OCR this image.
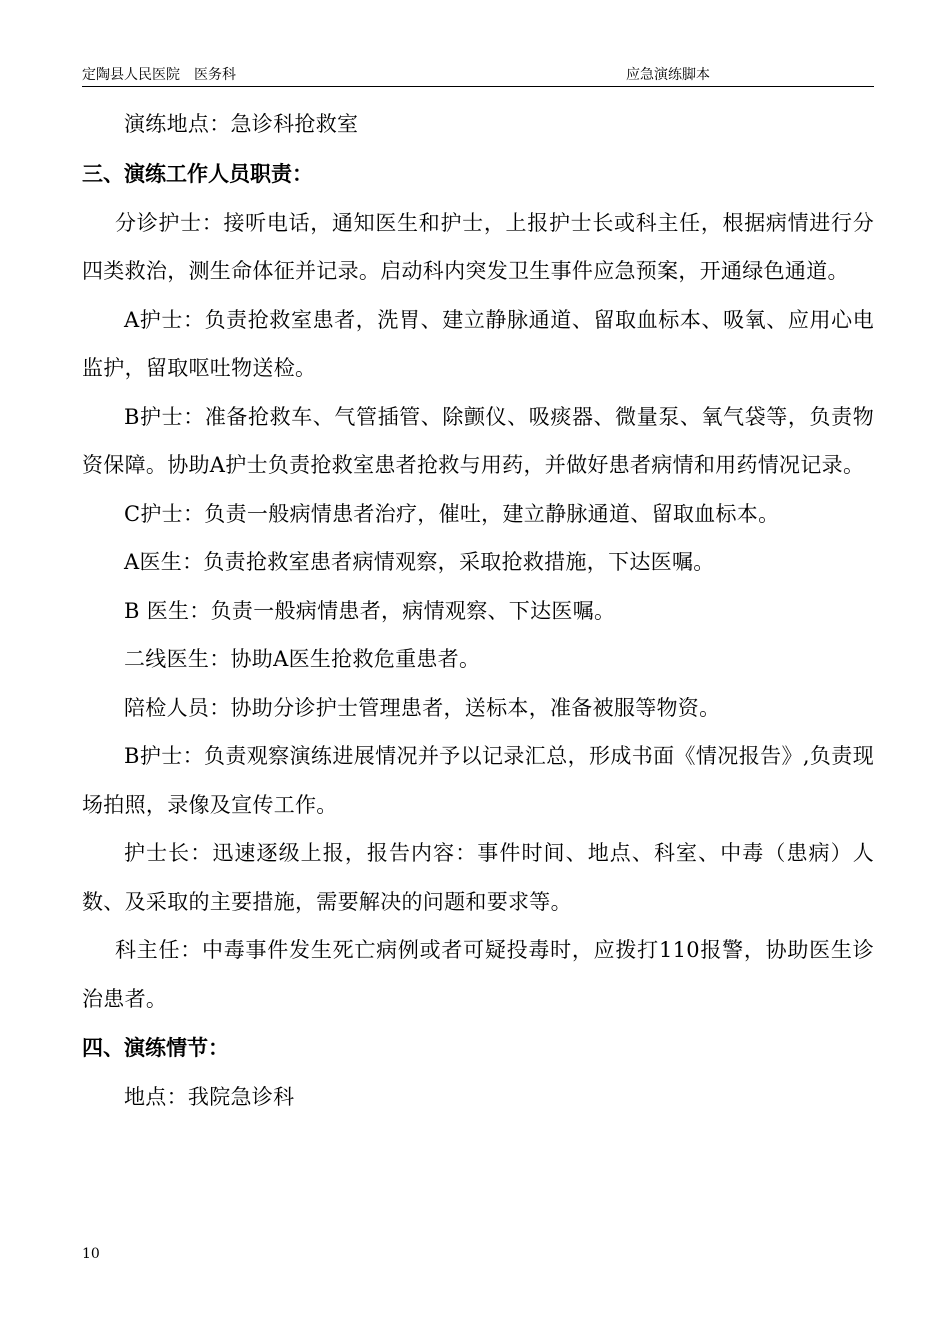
定陶县人民医院　医务科	应急演练脚本

演练地点：急诊科抢救室

三、演练工作人员职责：

分诊护士：接听电话，通知医生和护士，上报护士长或科主任，根据病情进行分四类救治，测生命体征并记录。启动科内突发卫生事件应急预案，开通绿色通道。

A护士：负责抢救室患者，洗胃、建立静脉通道、留取血标本、吸氧、应用心电监护，留取呕吐物送检。

B护士：准备抢救车、气管插管、除颤仪、吸痰器、微量泵、氧气袋等，负责物资保障。协助A护士负责抢救室患者抢救与用药，并做好患者病情和用药情况记录。

C护士：负责一般病情患者治疗，催吐，建立静脉通道、留取血标本。

A医生：负责抢救室患者病情观察，采取抢救措施，下达医嘱。

B 医生：负责一般病情患者，病情观察、下达医嘱。

二线医生：协助A医生抢救危重患者。

陪检人员：协助分诊护士管理患者，送标本，准备被服等物资。

B护士：负责观察演练进展情况并予以记录汇总，形成书面《情况报告》,负责现场拍照，录像及宣传工作。

护士长：迅速逐级上报，报告内容：事件时间、地点、科室、中毒（患病）人数、及采取的主要措施，需要解决的问题和要求等。

科主任：中毒事件发生死亡病例或者可疑投毒时，应拨打110报警，协助医生诊治患者。

四、演练情节：

地点：我院急诊科

10
